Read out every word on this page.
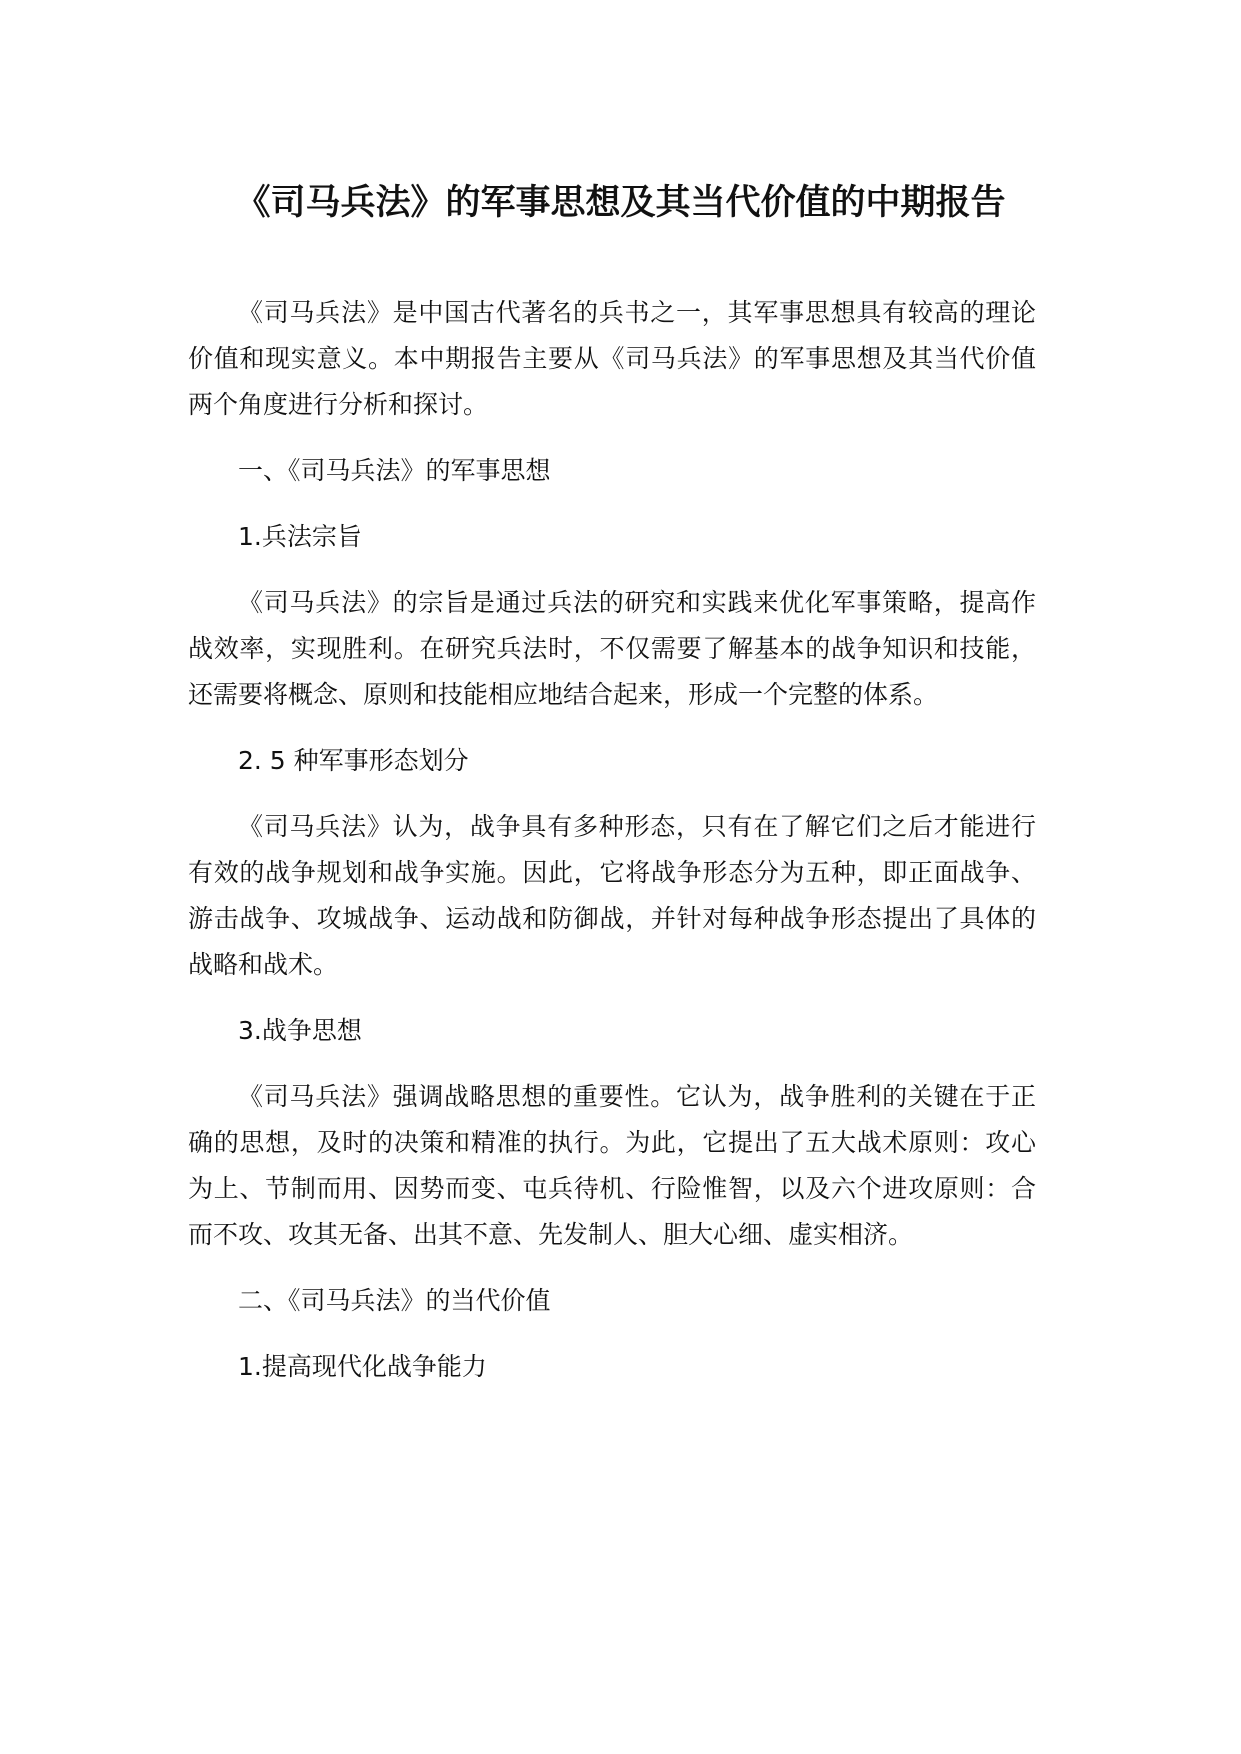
《司马兵法》的军事思想及其当代价值的中期报告

《司马兵法》是中国古代著名的兵书之一，其军事思想具有较高的理论价值和现实意义。本中期报告主要从《司马兵法》的军事思想及其当代价值两个角度进行分析和探讨。

一、《司马兵法》的军事思想

1.兵法宗旨

《司马兵法》的宗旨是通过兵法的研究和实践来优化军事策略，提高作战效率，实现胜利。在研究兵法时，不仅需要了解基本的战争知识和技能，还需要将概念、原则和技能相应地结合起来，形成一个完整的体系。

2. 5 种军事形态划分

《司马兵法》认为，战争具有多种形态，只有在了解它们之后才能进行有效的战争规划和战争实施。因此，它将战争形态分为五种，即正面战争、游击战争、攻城战争、运动战和防御战，并针对每种战争形态提出了具体的战略和战术。

3.战争思想

《司马兵法》强调战略思想的重要性。它认为，战争胜利的关键在于正确的思想，及时的决策和精准的执行。为此，它提出了五大战术原则：攻心为上、节制而用、因势而变、屯兵待机、行险惟智，以及六个进攻原则：合而不攻、攻其无备、出其不意、先发制人、胆大心细、虚实相济。

二、《司马兵法》的当代价值

1.提高现代化战争能力
